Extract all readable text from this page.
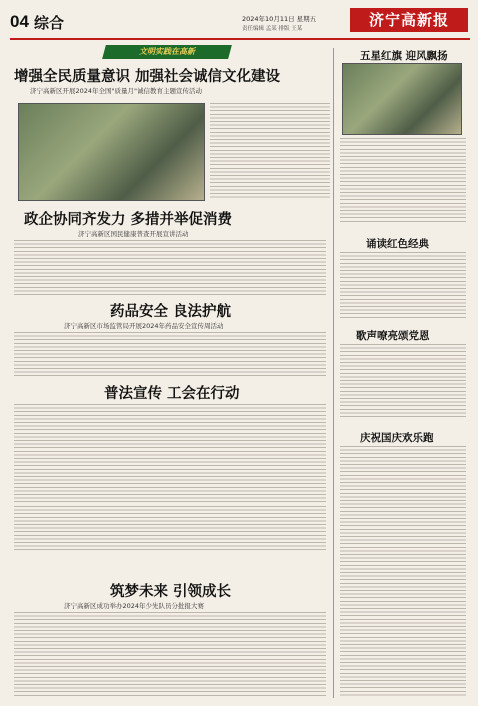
04 综合	2024年10月11日 星期五
责任编辑 孟某 排版 王某	济宁高新报
文明实践在高新
增强全民质量意识 加强社会诚信文化建设
济宁高新区开展2024年全国"质量月"诚信教育主题宣传活动
政企协同齐发力 多措并举促消费
济宁高新区国民健康普查开展宣讲活动
药品安全 良法护航
济宁高新区市场监管局开展2024年药品安全宣传周活动
普法宣传 工会在行动
筑梦未来 引领成长
济宁高新区成功举办2024年少先队员分批报大赛
五星红旗 迎风飘扬
诵读红色经典
歌声嘹亮颂党恩
庆祝国庆欢乐跑
